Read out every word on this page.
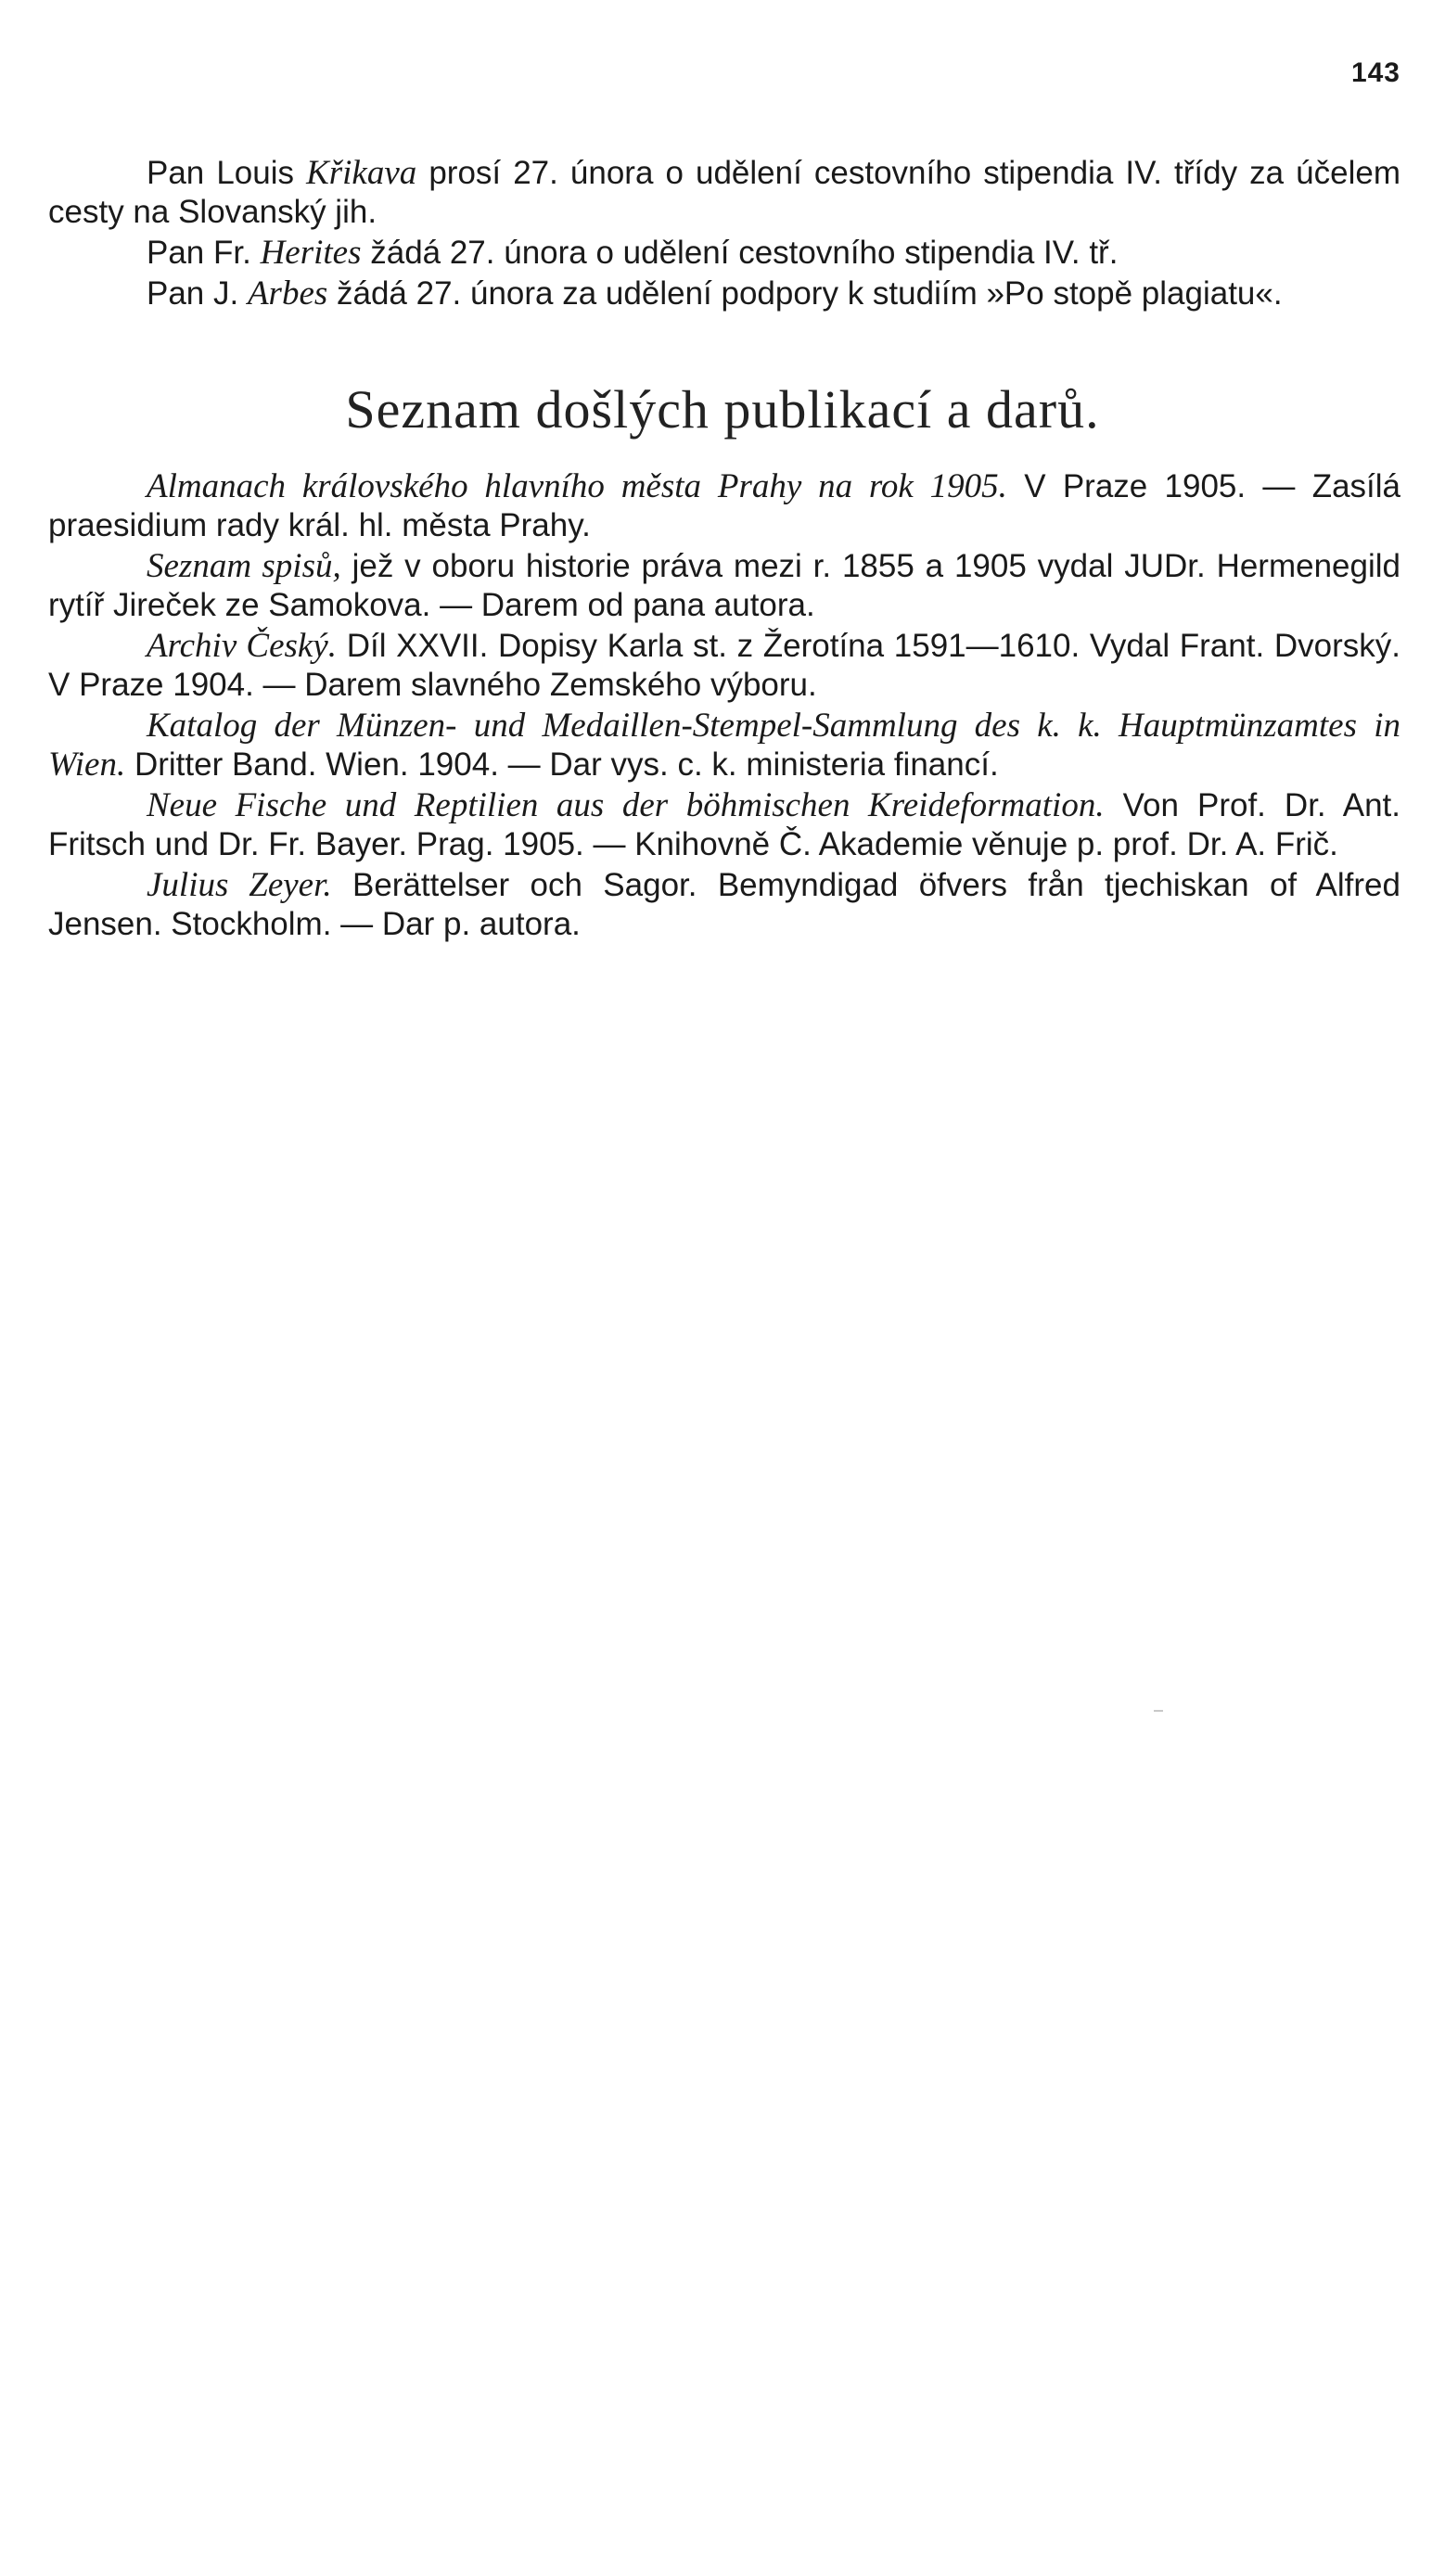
143

Pan Louis Křikava prosí 27. února o udělení cestovního stipendia IV. třídy za účelem cesty na Slovanský jih.

Pan Fr. Herites žádá 27. února o udělení cestovního stipendia IV. tř.

Pan J. Arbes žádá 27. února za udělení podpory k studiím »Po stopě plagiatu«.

Seznam došlých publikací a darů.

Almanach královského hlavního města Prahy na rok 1905. V Praze 1905. — Zasílá praesidium rady král. hl. města Prahy.

Seznam spisů, jež v oboru historie práva mezi r. 1855 a 1905 vydal JUDr. Hermenegild rytíř Jireček ze Samokova. — Darem od pana autora.

Archiv Český. Díl XXVII. Dopisy Karla st. z Žerotína 1591—1610. Vydal Frant. Dvorský. V Praze 1904. — Darem slavného Zemského výboru.

Katalog der Münzen- und Medaillen-Stempel-Sammlung des k. k. Hauptmünzamtes in Wien. Dritter Band. Wien. 1904. — Dar vys. c. k. ministeria financí.

Neue Fische und Reptilien aus der böhmischen Kreideformation. Von Prof. Dr. Ant. Fritsch und Dr. Fr. Bayer. Prag. 1905. — Knihovně Č. Akademie věnuje p. prof. Dr. A. Frič.

Julius Zeyer. Berättelser och Sagor. Bemyndigad öfvers från tjechiskan of Alfred Jensen. Stockholm. — Dar p. autora.
